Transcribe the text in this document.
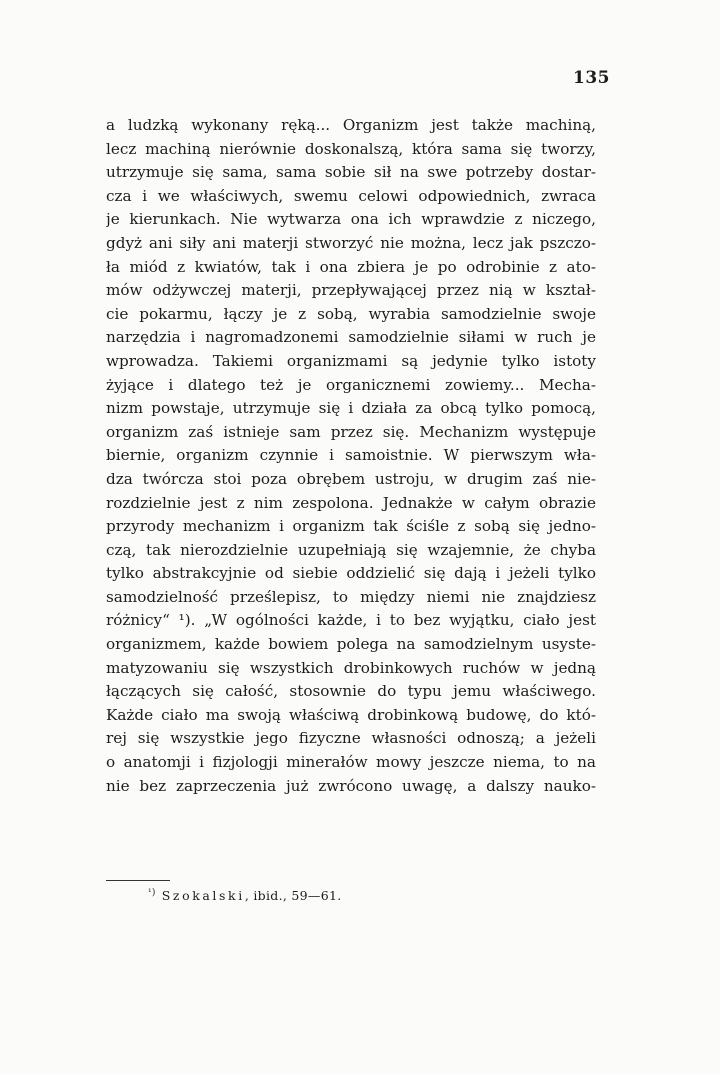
135
a ludzką wykonany ręką... Organizm jest także machiną,
lecz machiną nierównie doskonalszą, która sama się tworzy,
utrzymuje się sama, sama sobie sił na swe potrzeby dostar-
cza i we właściwych, swemu celowi odpowiednich, zwraca
je kierunkach. Nie wytwarza ona ich wprawdzie z niczego,
gdyż ani siły ani materji stworzyć nie można, lecz jak pszczo-
ła miód z kwiatów, tak i ona zbiera je po odrobinie z ato-
mów odżywczej materji, przepływającej przez nią w kształ-
cie pokarmu, łączy je z sobą, wyrabia samodzielnie swoje
narzędzia i nagromadzonemi samodzielnie siłami w ruch je
wprowadza. Takiemi organizmami są jedynie tylko istoty
żyjące i dlatego też je organicznemi zowiemy... Mecha-
nizm powstaje, utrzymuje się i działa za obcą tylko pomocą,
organizm zaś istnieje sam przez się. Mechanizm występuje
biernie, organizm czynnie i samoistnie. W pierwszym wła-
dza twórcza stoi poza obrębem ustroju, w drugim zaś nie-
rozdzielnie jest z nim zespolona. Jednakże w całym obrazie
przyrody mechanizm i organizm tak ściśle z sobą się jedno-
czą, tak nierozdzielnie uzupełniają się wzajemnie, że chyba
tylko abstrakcyjnie od siebie oddzielić się dają i jeżeli tylko
samodzielność prześlepisz, to między niemi nie znajdziesz
różnicy“ ¹). „W ogólności każde, i to bez wyjątku, ciało jest
organizmem, każde bowiem polega na samodzielnym usyste-
matyzowaniu się wszystkich drobinkowych ruchów w jedną
łączących się całość, stosownie do typu jemu właściwego.
Każde ciało ma swoją właściwą drobinkową budowę, do któ-
rej się wszystkie jego fizyczne własności odnoszą; a jeżeli
o anatomji i fizjologji minerałów mowy jeszcze niema, to na
nie bez zaprzeczenia już zwrócono uwagę, a dalszy nauko-
$^{^1)}$ Szokalski, ibid., 59—61.
